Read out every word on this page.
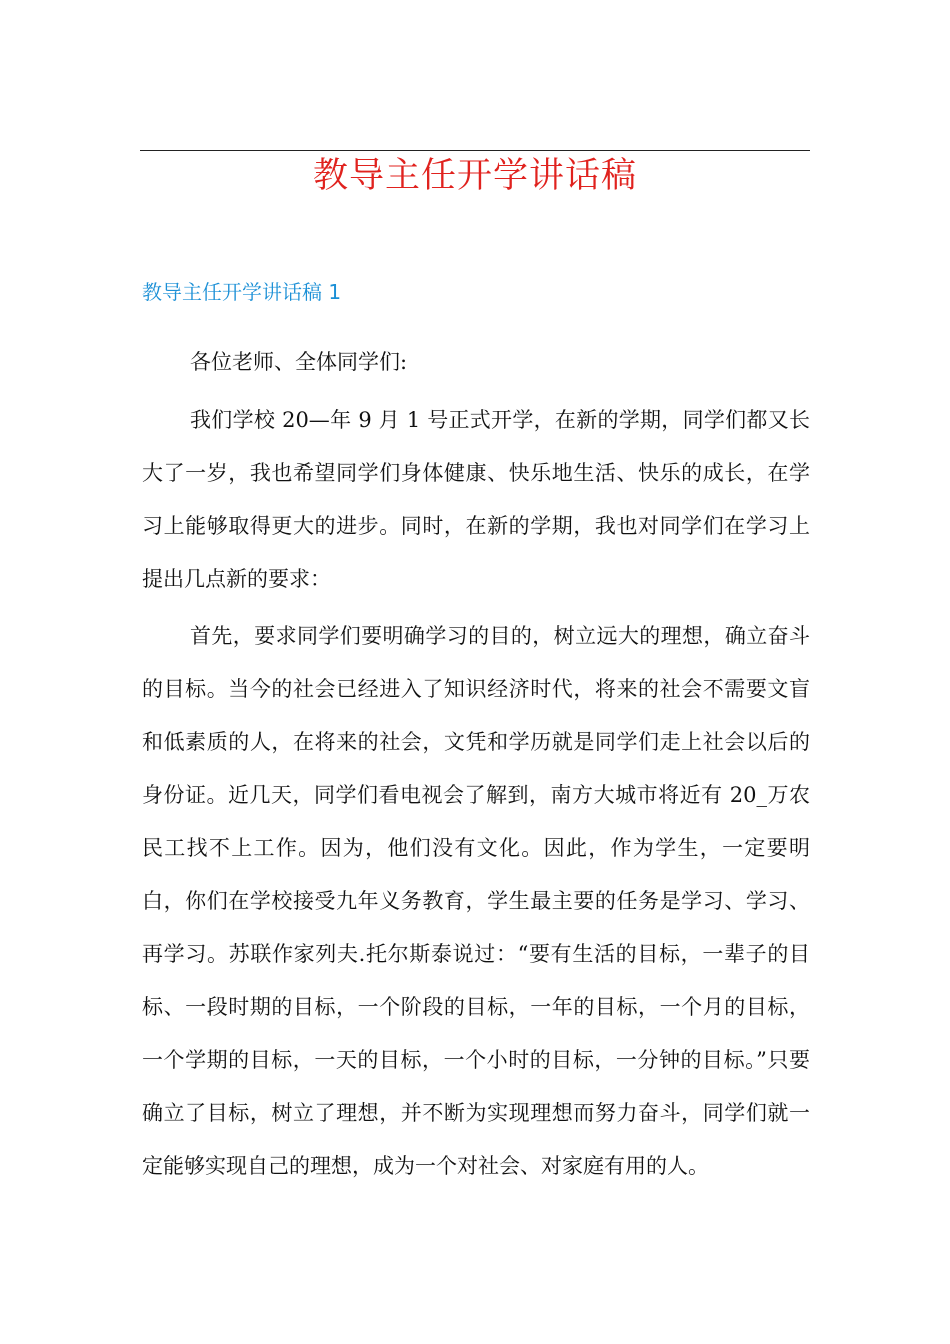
教导主任开学讲话稿
教导主任开学讲话稿 1

各位老师、全体同学们:

我们学校 20—年 9 月 1 号正式开学，在新的学期，同学们都又长大了一岁，我也希望同学们身体健康、快乐地生活、快乐的成长，在学习上能够取得更大的进步。同时，在新的学期，我也对同学们在学习上提出几点新的要求：

首先，要求同学们要明确学习的目的，树立远大的理想，确立奋斗的目标。当今的社会已经进入了知识经济时代，将来的社会不需要文盲和低素质的人，在将来的社会，文凭和学历就是同学们走上社会以后的身份证。近几天，同学们看电视会了解到，南方大城市将近有 20_万农民工找不上工作。因为，他们没有文化。因此，作为学生，一定要明白，你们在学校接受九年义务教育，学生最主要的任务是学习、学习、再学习。苏联作家列夫.托尔斯泰说过：“要有生活的目标，一辈子的目标、一段时期的目标，一个阶段的目标，一年的目标，一个月的目标，一个学期的目标，一天的目标，一个小时的目标，一分钟的目标。”只要确立了目标，树立了理想，并不断为实现理想而努力奋斗，同学们就一定能够实现自己的理想，成为一个对社会、对家庭有用的人。
